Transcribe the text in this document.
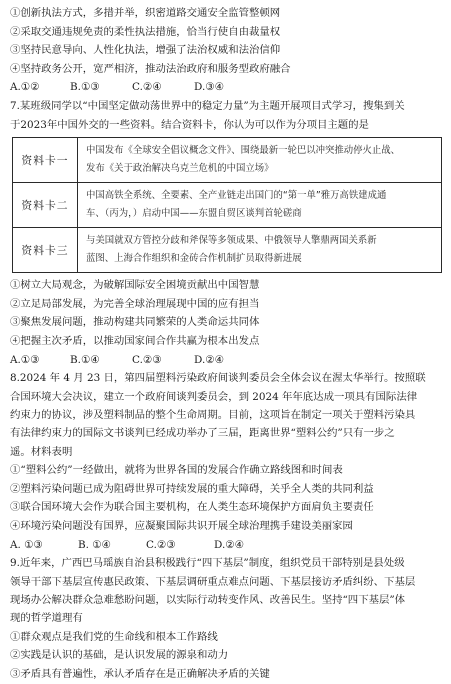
①创新执法方式，多措并举，织密道路交通安全监管整顿网
②采取交通违规免责的柔性执法措施，恰当行使自由裁量权
③坚持民意导向、人性化执法，增强了法治权威和法治信仰
④坚持政务公开，宽严相济，推动法治政府和服务型政府融合
A.①②	B.①③	C.②④	D.③④
7.某班级同学以“中国坚定做动荡世界中的稳定力量”为主题开展项目式学习，搜集到关
于2023年中国外交的一些资料。结合资料卡，你认为可以作为分项目主题的是
资料卡一	中国发布《全球安全倡议概念文件》、围绕最新一轮巴以冲突推动停火止战、
发布《关于政治解决乌克兰危机的中国立场》

资料卡二	中国高铁全系统、全要素、全产业链走出国门的“第一单”雅万高铁建成通
车、（丙为，）启动中国——东盟自贸区谈判首轮磋商

资料卡三	与美国就双方管控分歧和斧保等多领成果、中俄领导人擎鼎两国关系新
蓝图、上海合作组织和金砖合作机制扩员取得新进展
①树立大局观念，为破解国际安全困境贡献出中国智慧
②立足局部发展，为完善全球治理展现中国的应有担当
③聚焦发展问题，推动构建共同繁荣的人类命运共同体
④把握主次矛盾，以推动国家间合作共赢为根本出发点
A.①③	B.①④	C.②③	D.②④
8.2024 年 4 月 23 日，第四届塑料污染政府间谈判委员会全体会议在渥太华举行。按照联
合国环境大会决议，建立一个政府间谈判委员会，到 2024 年年底达成一项具有国际法律
约束力的协议，涉及塑料制品的整个生命周期。目前，这项旨在制定一项关于塑料污染具
有法律约束力的国际文书谈判已经成功举办了三届，距离世界“塑料公约”只有一步之
遥。材料表明
①“塑料公约”一经做出，就将为世界各国的发展合作确立路线图和时间表
②塑料污染问题已成为阻碍世界可持续发展的重大障碍，关乎全人类的共同利益
③联合国环境大会作为联合国主要机构，在人类生态环境保护方面肩负主要责任
④环境污染问题没有国界，应凝聚国际共识开展全球治理携手建设美丽家园
A. ①③	B. ①④	C.②③	D.②④
9.近年来，广西巴马瑶族自治县积极践行“四下基层”制度，组织党员干部特别是县处级
领导干部下基层宣传惠民政策、下基层调研重点难点问题、下基层接访矛盾纠纷、下基层
现场办公解决群众急难愁盼问题，以实际行动转变作风、改善民生。坚持“四下基层”体
现的哲学道理有
①群众观点是我们党的生命线和根本工作路线
②实践是认识的基础，是认识发展的源泉和动力
③矛盾具有普遍性，承认矛盾存在是正确解决矛盾的关键
